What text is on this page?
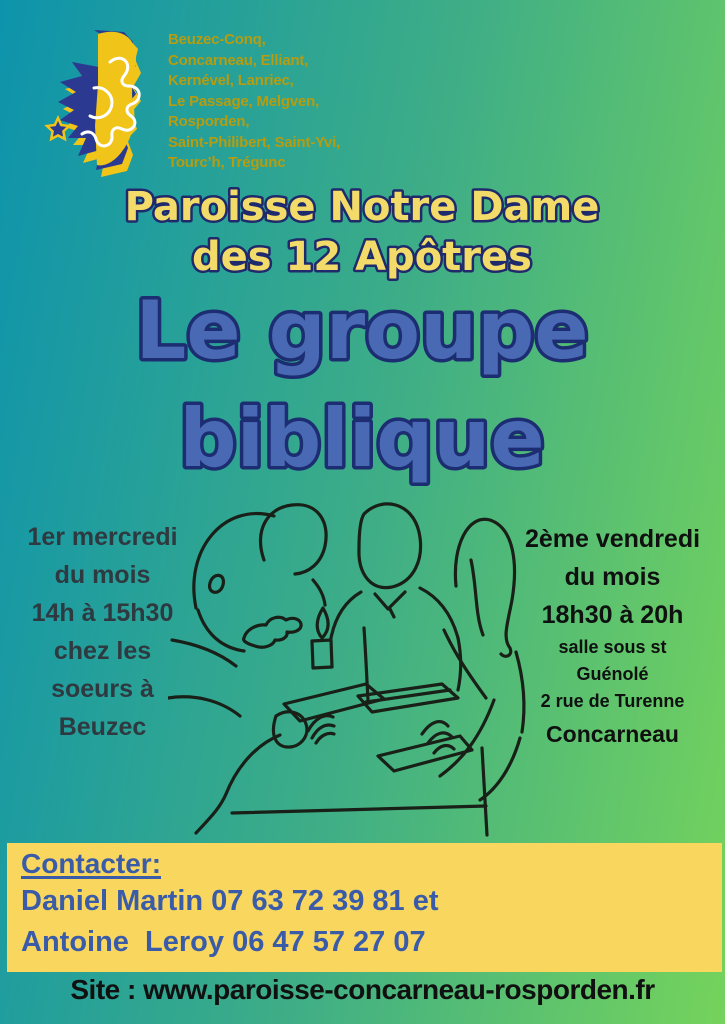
Beuzec-Conq,
Concarneau, Elliant,
Kernével, Lanriec,
Le Passage, Melgven,
Rosporden,
Saint-Philibert, Saint-Yvi,
Tourc’h, Trégunc
Paroisse Notre Dame
des 12 Apôtres
Le groupe
biblique
1er mercredi
du mois
14h à 15h30
chez les
soeurs à
Beuzec
2ème vendredi
du mois
18h30 à 20h
salle sous st
Guénolé
2 rue de Turenne
Concarneau
Contacter:
Daniel Martin 07 63 72 39 81 et
Antoine  Leroy 06 47 57 27 07
Site : www.paroisse-concarneau-rosporden.fr
